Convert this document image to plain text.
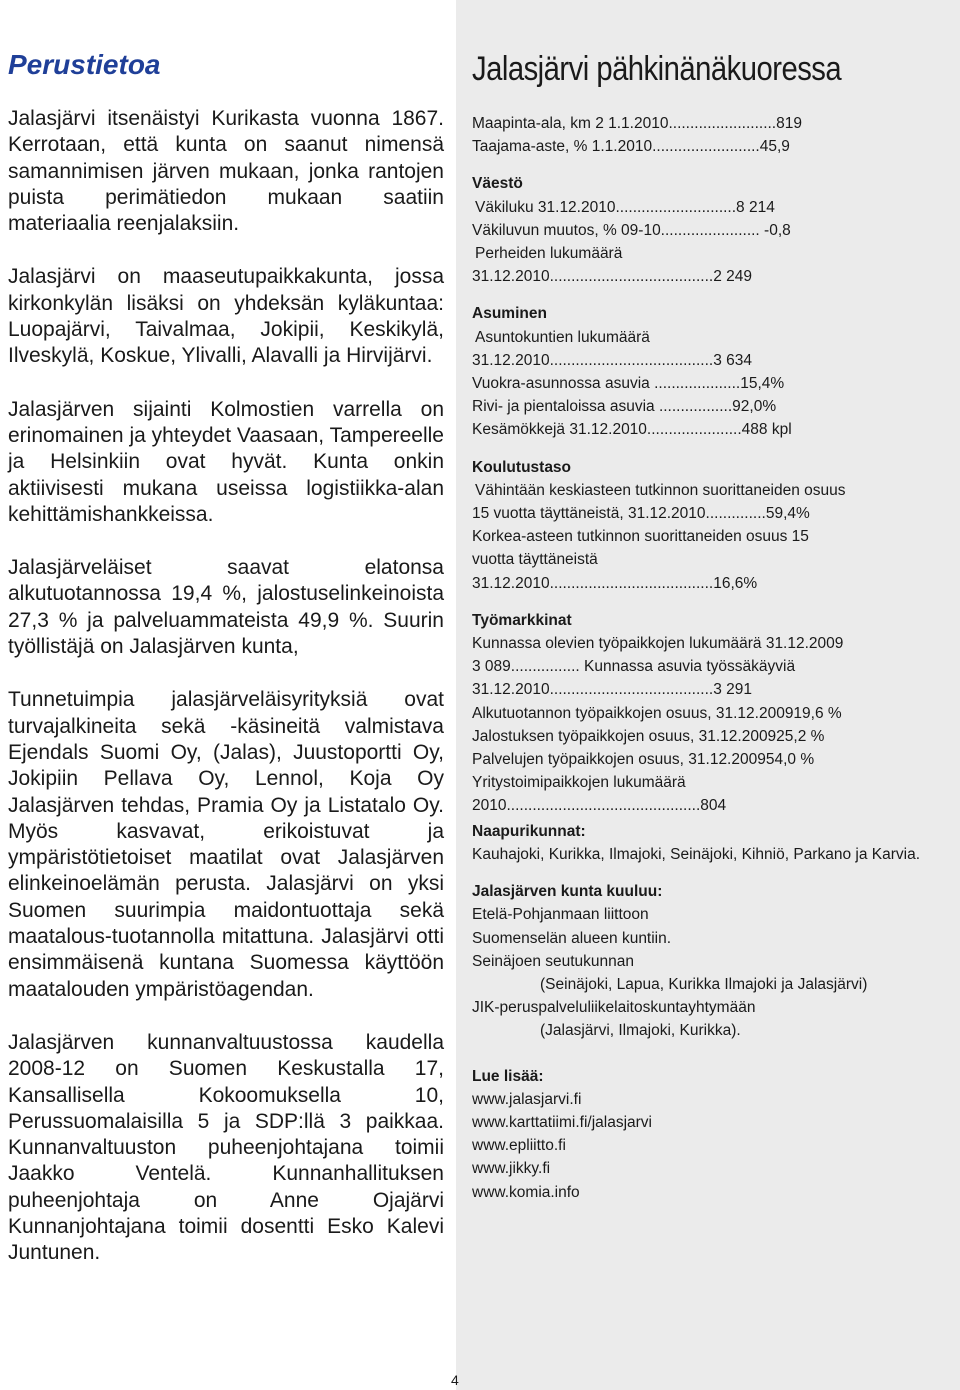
Perustietoa

Jalasjärvi itsenäistyi Kurikasta vuonna 1867. Kerrotaan, että kunta on saanut nimensä samannimisen järven mukaan, jonka rantojen puista perimätiedon mukaan saatiin materiaalia reenjalaksiin.

Jalasjärvi on maaseutupaikkakunta, jossa kirkonkylän lisäksi on yhdeksän kyläkuntaa: Luopajärvi, Taivalmaa, Jokipii, Keskikylä, Ilveskylä, Koskue, Ylivalli, Alavalli ja Hirvijärvi.

Jalasjärven sijainti Kolmostien varrella on erinomainen ja yhteydet Vaasaan, Tampereelle ja Helsinkiin ovat hyvät. Kunta onkin aktiivisesti mukana useissa logistiikka-alan kehittämishankkeissa.

Jalasjärveläiset saavat elatonsa alkutuotannossa 19,4 %, jalostuselinkeinoista 27,3 % ja palveluammateista 49,9 %. Suurin työllistäjä on Jalasjärven kunta,

Tunnetuimpia jalasjärveläisyrityksiä ovat turvajalkineita sekä -käsineitä valmistava Ejendals Suomi Oy, (Jalas), Juustoportti Oy, Jokipiin Pellava Oy, Lennol, Koja Oy Jalasjärven tehdas, Pramia Oy ja Listatalo Oy. Myös kasvavat, erikoistuvat ja ympäristötietoiset maatilat ovat Jalasjärven elinkeinoelämän perusta. Jalasjärvi on yksi Suomen suurimpia maidontuottaja sekä maatalous-tuotannolla mitattuna. Jalasjärvi otti ensimmäisenä kuntana Suomessa käyttöön maatalouden ympäristöagendan.

Jalasjärven kunnanvaltuustossa kaudella 2008-12 on Suomen Keskustalla 17, Kansallisella Kokoomuksella 10, Perussuomalaisilla 5 ja SDP:llä 3 paikkaa. Kunnanvaltuuston puheenjohtajana toimii Jaakko Ventelä. Kunnanhallituksen puheenjohtaja on Anne Ojajärvi Kunnanjohtajana toimii dosentti Esko Kalevi Juntunen.

Jalasjärvi pähkinänäkuoressa
Maapinta-ala, km 2 1.1.2010.........................819
Taajama-aste, % 1.1.2010.........................45,9
Väestö
Väkiluku 31.12.2010............................8 214
Väkiluvun muutos, % 09-10....................... -0,8
Perheiden lukumäärä
31.12.2010......................................2 249
Asuminen
Asuntokuntien lukumäärä
31.12.2010......................................3 634
Vuokra-asunnossa asuvia ....................15,4%
Rivi- ja pientaloissa asuvia .................92,0%
Kesämökkejä 31.12.2010......................488 kpl
Koulutustaso
Vähintään keskiasteen tutkinnon suorittaneiden osuus
15 vuotta täyttäneistä, 31.12.2010..............59,4%
Korkea-asteen tutkinnon suorittaneiden osuus 15
vuotta täyttäneistä
31.12.2010......................................16,6%
Työmarkkinat
Kunnassa olevien työpaikkojen lukumäärä 31.12.2009
3 089................ Kunnassa asuvia työssäkäyviä
31.12.2010......................................3 291
Alkutuotannon työpaikkojen osuus, 31.12.200919,6 %
Jalostuksen työpaikkojen osuus, 31.12.200925,2 %
Palvelujen työpaikkojen osuus, 31.12.200954,0 %
Yritystoimipaikkojen lukumäärä
2010.............................................804
Naapurikunnat:
Kauhajoki, Kurikka, Ilmajoki, Seinäjoki, Kihniö, Parkano ja Karvia.
Jalasjärven kunta kuuluu:
Etelä-Pohjanmaan liittoon
Suomenselän alueen kuntiin.
Seinäjoen seutukunnan
(Seinäjoki, Lapua, Kurikka Ilmajoki ja Jalasjärvi)
JIK-peruspalveluliikelaitoskuntayhtymään
(Jalasjärvi, Ilmajoki, Kurikka).
Lue lisää:
www.jalasjarvi.fi
www.karttatiimi.fi/jalasjarvi
www.epliitto.fi
www.jikky.fi
www.komia.info
4
